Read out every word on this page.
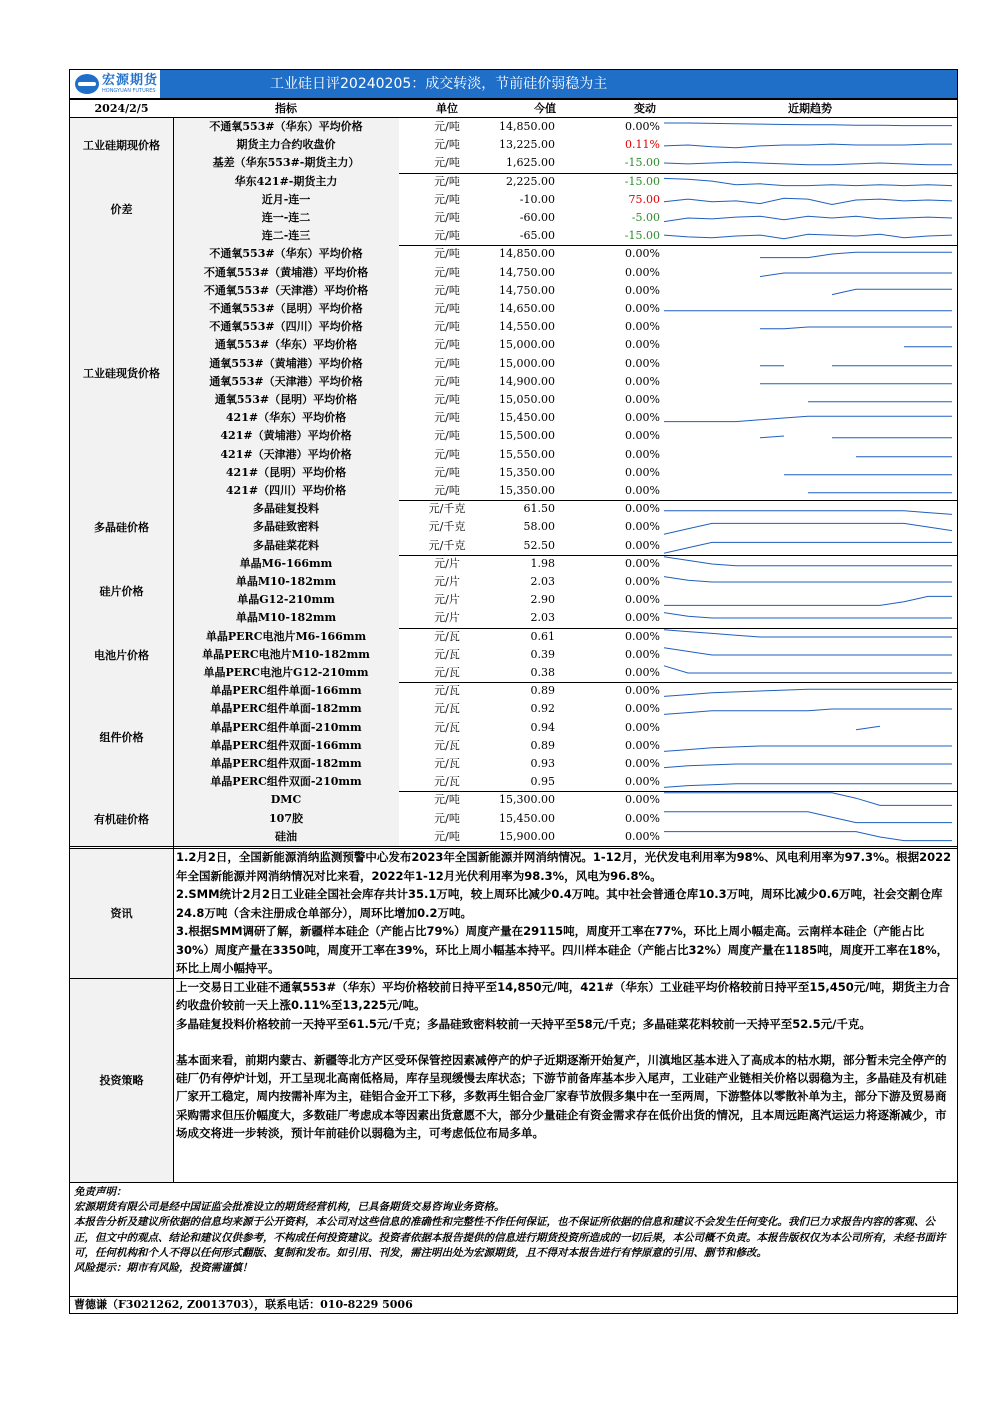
宏源期货
HONGYUAN FUTURES	工业硅日评20240205：成交转淡，节前硅价弱稳为主
2024/2/5	指标	单位	今值	变动	近期趋势
工业硅期现价格
不通氧553#（华东）平均价格	元/吨	14,850.00	0.00%
期货主力合约收盘价	元/吨	13,225.00	0.11%
基差（华东553#-期货主力）	元/吨	1,625.00	-15.00
价差
华东421#-期货主力	元/吨	2,225.00	-15.00
近月-连一	元/吨	-10.00	75.00
连一-连二	元/吨	-60.00	-5.00
连二-连三	元/吨	-65.00	-15.00
工业硅现货价格
不通氧553#（华东）平均价格	元/吨	14,850.00	0.00%
不通氧553#（黄埔港）平均价格	元/吨	14,750.00	0.00%
不通氧553#（天津港）平均价格	元/吨	14,750.00	0.00%
不通氧553#（昆明）平均价格	元/吨	14,650.00	0.00%
不通氧553#（四川）平均价格	元/吨	14,550.00	0.00%
通氧553#（华东）平均价格	元/吨	15,000.00	0.00%
通氧553#（黄埔港）平均价格	元/吨	15,000.00	0.00%
通氧553#（天津港）平均价格	元/吨	14,900.00	0.00%
通氧553#（昆明）平均价格	元/吨	15,050.00	0.00%
421#（华东）平均价格	元/吨	15,450.00	0.00%
421#（黄埔港）平均价格	元/吨	15,500.00	0.00%
421#（天津港）平均价格	元/吨	15,550.00	0.00%
421#（昆明）平均价格	元/吨	15,350.00	0.00%
421#（四川）平均价格	元/吨	15,350.00	0.00%
多晶硅价格
多晶硅复投料	元/千克	61.50	0.00%
多晶硅致密料	元/千克	58.00	0.00%
多晶硅菜花料	元/千克	52.50	0.00%
硅片价格
单晶M6-166mm	元/片	1.98	0.00%
单晶M10-182mm	元/片	2.03	0.00%
单晶G12-210mm	元/片	2.90	0.00%
单晶M10-182mm	元/片	2.03	0.00%
电池片价格
单晶PERC电池片M6-166mm	元/瓦	0.61	0.00%
单晶PERC电池片M10-182mm	元/瓦	0.39	0.00%
单晶PERC电池片G12-210mm	元/瓦	0.38	0.00%
组件价格
单晶PERC组件单面-166mm	元/瓦	0.89	0.00%
单晶PERC组件单面-182mm	元/瓦	0.92	0.00%
单晶PERC组件单面-210mm	元/瓦	0.94	0.00%
单晶PERC组件双面-166mm	元/瓦	0.89	0.00%
单晶PERC组件双面-182mm	元/瓦	0.93	0.00%
单晶PERC组件双面-210mm	元/瓦	0.95	0.00%
有机硅价格
DMC	元/吨	15,300.00	0.00%
107胶	元/吨	15,450.00	0.00%
硅油	元/吨	15,900.00	0.00%
资讯

1.2月2日，全国新能源消纳监测预警中心发布2023年全国新能源并网消纳情况。1-12月，光伏发电利用率为98%、风电利用率为97.3%。根据2022年全国新能源并网消纳情况对比来看，2022年1-12月光伏利用率为98.3%，风电为96.8%。

2.SMM统计2月2日工业硅全国社会库存共计35.1万吨，较上周环比减少0.4万吨。其中社会普通仓库10.3万吨，周环比减少0.6万吨，社会交割仓库24.8万吨（含未注册成仓单部分），周环比增加0.2万吨。

3.根据SMM调研了解，新疆样本硅企（产能占比79%）周度产量在29115吨，周度开工率在77%，环比上周小幅走高。云南样本硅企（产能占比30%）周度产量在3350吨，周度开工率在39%，环比上周小幅基本持平。四川样本硅企（产能占比32%）周度产量在1185吨，周度开工率在18%，环比上周小幅持平。

投资策略

上一交易日工业硅不通氧553#（华东）平均价格较前日持平至14,850元/吨，421#（华东）工业硅平均价格较前日持平至15,450元/吨，期货主力合约收盘价较前一天上涨0.11%至13,225元/吨。

多晶硅复投料价格较前一天持平至61.5元/千克；多晶硅致密料较前一天持平至58元/千克；多晶硅菜花料较前一天持平至52.5元/千克。

基本面来看，前期内蒙古、新疆等北方产区受环保管控因素减停产的炉子近期逐渐开始复产，川滇地区基本进入了高成本的枯水期，部分暂未完全停产的硅厂仍有停炉计划，开工呈现北高南低格局，库存呈现缓慢去库状态；下游节前备库基本步入尾声，工业硅产业链相关价格以弱稳为主，多晶硅及有机硅厂家开工稳定，周内按需补库为主，硅铝合金开工下移，多数再生铝合金厂家春节放假多集中在一至两周，下游整体以零散补单为主，部分下游及贸易商采购需求但压价幅度大，多数硅厂考虑成本等因素出货意愿不大，部分少量硅企有资金需求存在低价出货的情况，且本周远距离汽运运力将逐渐减少，市场成交将进一步转淡，预计年前硅价以弱稳为主，可考虑低位布局多单。

免责声明：

宏源期货有限公司是经中国证监会批准设立的期货经营机构，已具备期货交易咨询业务资格。

本报告分析及建议所依据的信息均来源于公开资料，本公司对这些信息的准确性和完整性不作任何保证，也不保证所依据的信息和建议不会发生任何变化。我们已力求报告内容的客观、公正，但文中的观点、结论和建议仅供参考，不构成任何投资建议。投资者依据本报告提供的信息进行期货投资所造成的一切后果，本公司概不负责。本报告版权仅为本公司所有，未经书面许可，任何机构和个人不得以任何形式翻版、复制和发布。如引用、刊发，需注明出处为宏源期货，且不得对本报告进行有悖原意的引用、删节和修改。

风险提示：期市有风险，投资需谨慎！

曹德谦（F3021262, Z0013703），联系电话：010-8229 5006
